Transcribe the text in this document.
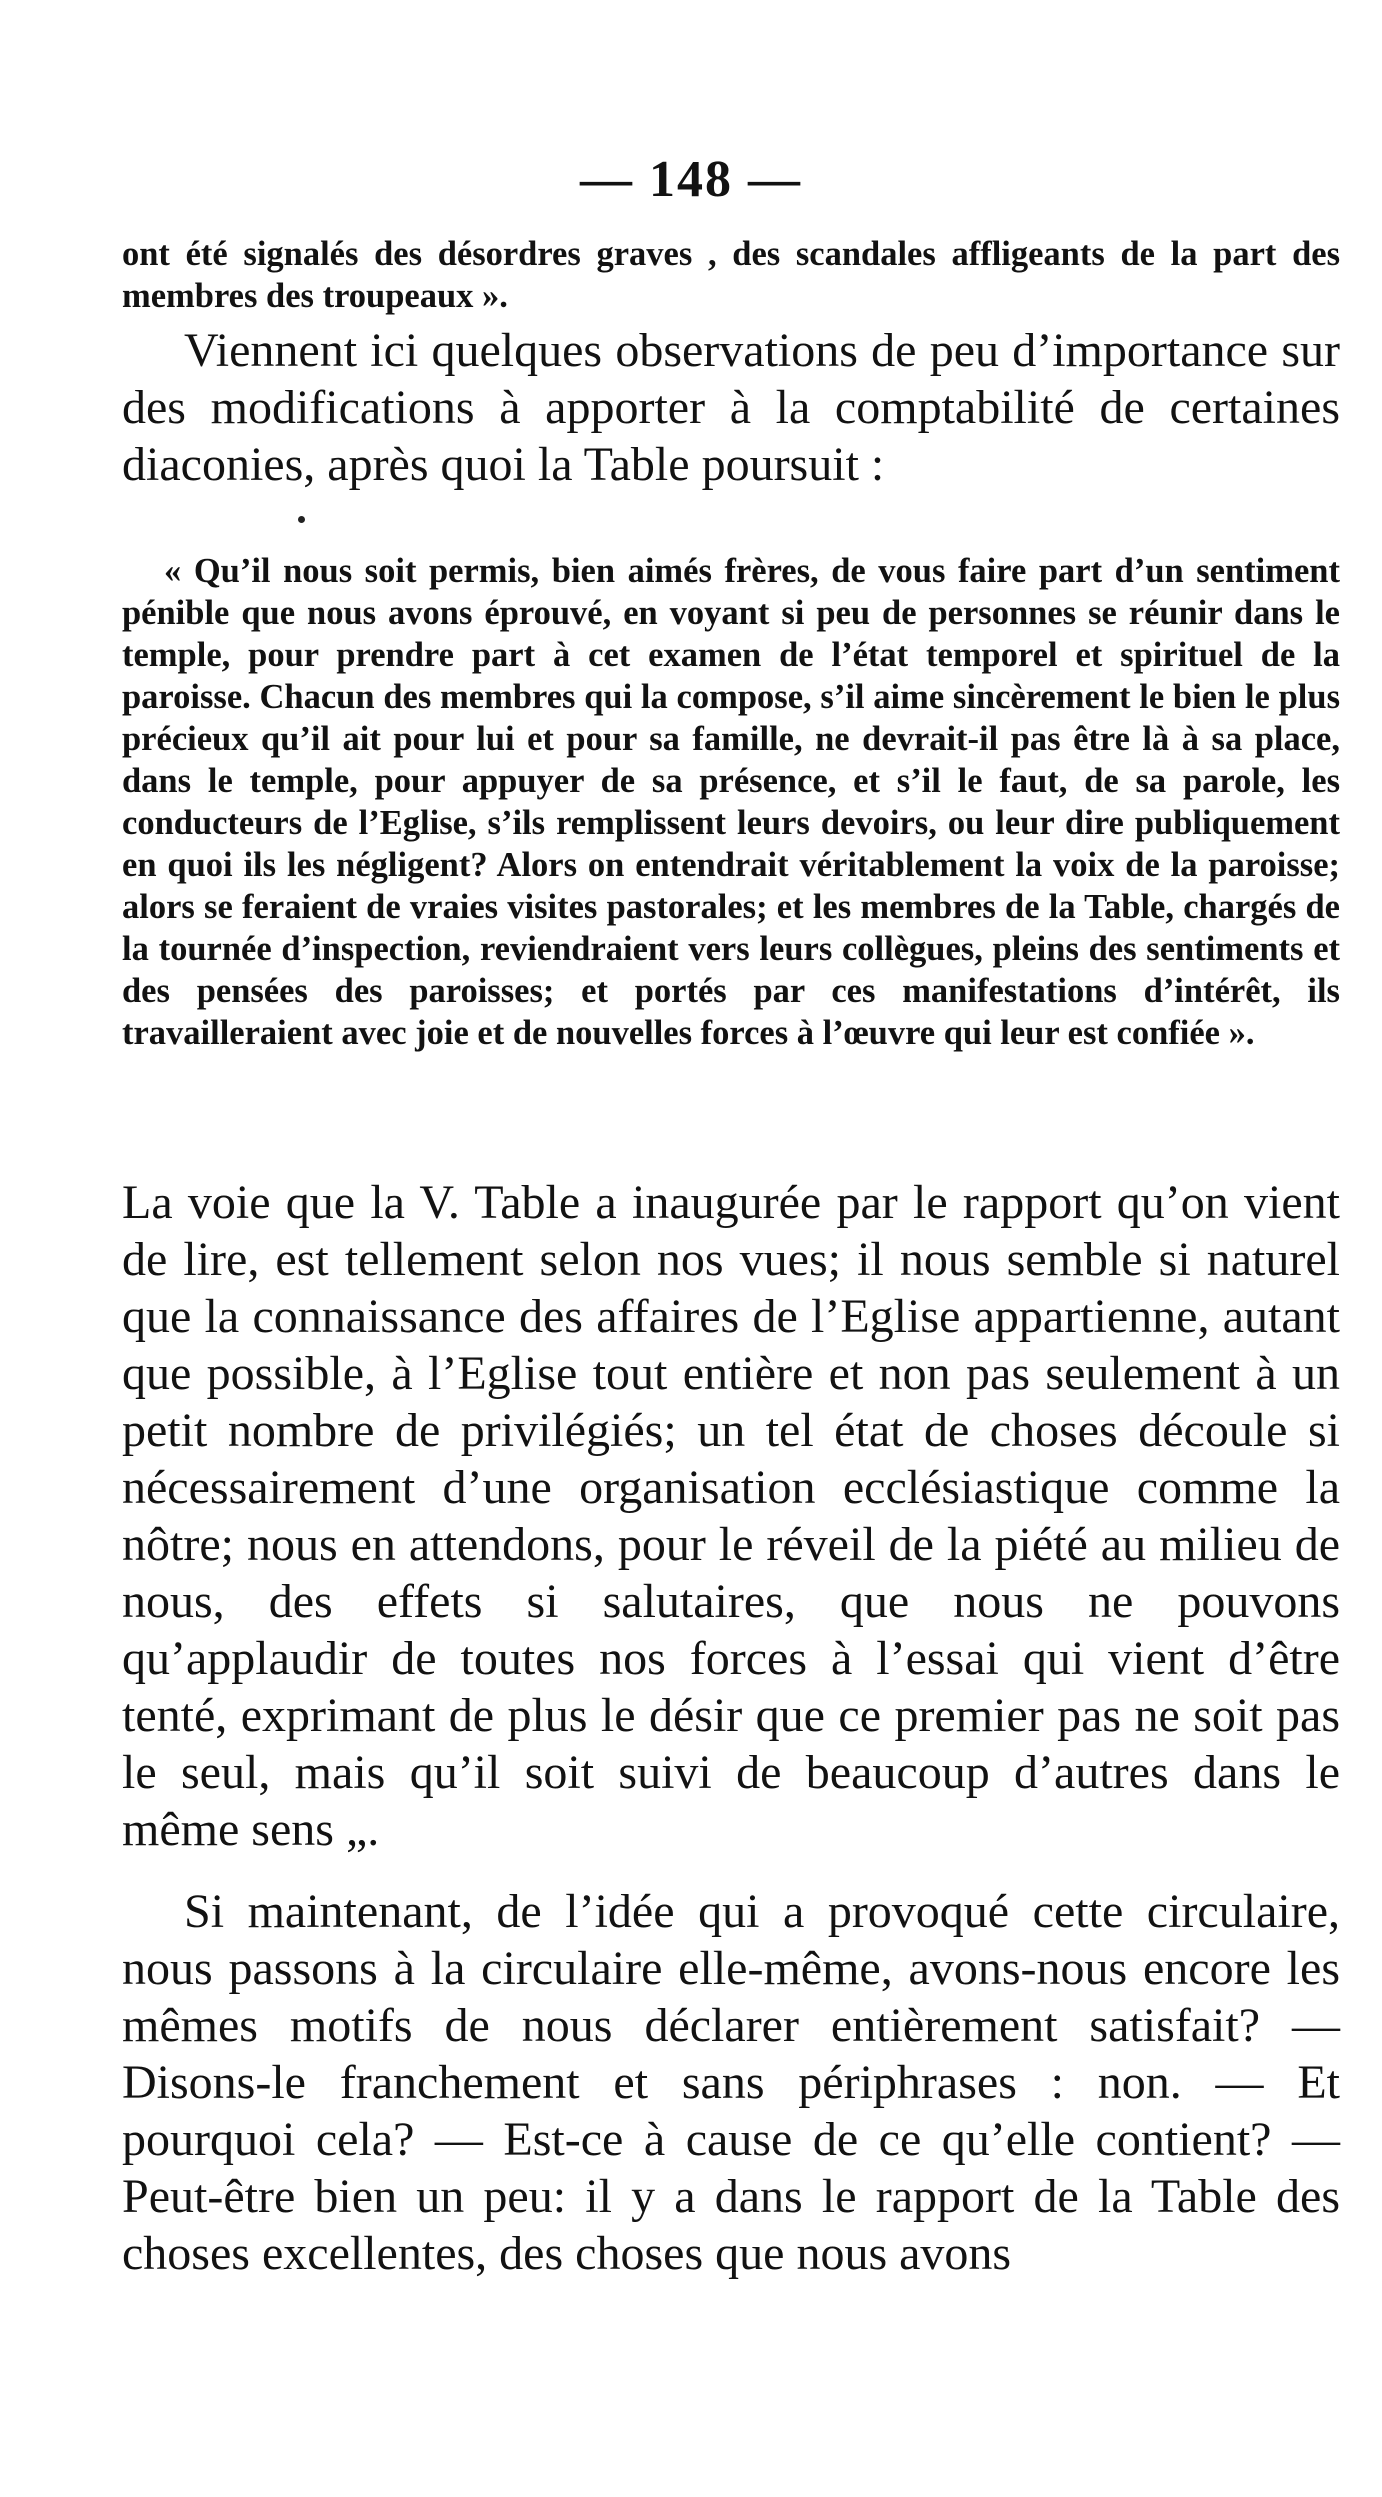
— 148 —

ont été signalés des désordres graves , des scandales affligeants de la part des membres des troupeaux ».

Viennent ici quelques observations de peu d’importance sur des modifications à apporter à la comptabilité de certaines diaconies, après quoi la Table poursuit :

« Qu’il nous soit permis, bien aimés frères, de vous faire part d’un sentiment pénible que nous avons éprouvé, en voyant si peu de personnes se réunir dans le temple, pour prendre part à cet examen de l’état temporel et spirituel de la paroisse. Chacun des membres qui la compose, s’il aime sincèrement le bien le plus précieux qu’il ait pour lui et pour sa famille, ne devrait-il pas être là à sa place, dans le temple, pour appuyer de sa présence, et s’il le faut, de sa parole, les conducteurs de l’Eglise, s’ils remplissent leurs devoirs, ou leur dire publiquement en quoi ils les négligent? Alors on entendrait véritablement la voix de la paroisse; alors se feraient de vraies visites pastorales; et les membres de la Table, chargés de la tournée d’inspection, reviendraient vers leurs collègues, pleins des sentiments et des pensées des paroisses; et portés par ces manifestations d’intérêt, ils travailleraient avec joie et de nouvelles forces à l’œuvre qui leur est confiée ».

La voie que la V. Table a inaugurée par le rapport qu’on vient de lire, est tellement selon nos vues; il nous semble si naturel que la connaissance des affaires de l’Eglise appartienne, autant que possible, à l’Eglise tout entière et non pas seulement à un petit nombre de privilégiés; un tel état de choses découle si nécessairement d’une organisation ecclésiastique comme la nôtre; nous en attendons, pour le réveil de la piété au milieu de nous, des effets si salutaires, que nous ne pouvons qu’applaudir de toutes nos forces à l’essai qui vient d’être tenté, exprimant de plus le désir que ce premier pas ne soit pas le seul, mais qu’il soit suivi de beaucoup d’autres dans le même sens „.

Si maintenant, de l’idée qui a provoqué cette circulaire, nous passons à la circulaire elle-même, avons-nous encore les mêmes motifs de nous déclarer entièrement satisfait? — Disons-le franchement et sans périphrases : non. — Et pourquoi cela? — Est-ce à cause de ce qu’elle contient? — Peut-être bien un peu: il y a dans le rapport de la Table des choses excellentes, des choses que nous avons
